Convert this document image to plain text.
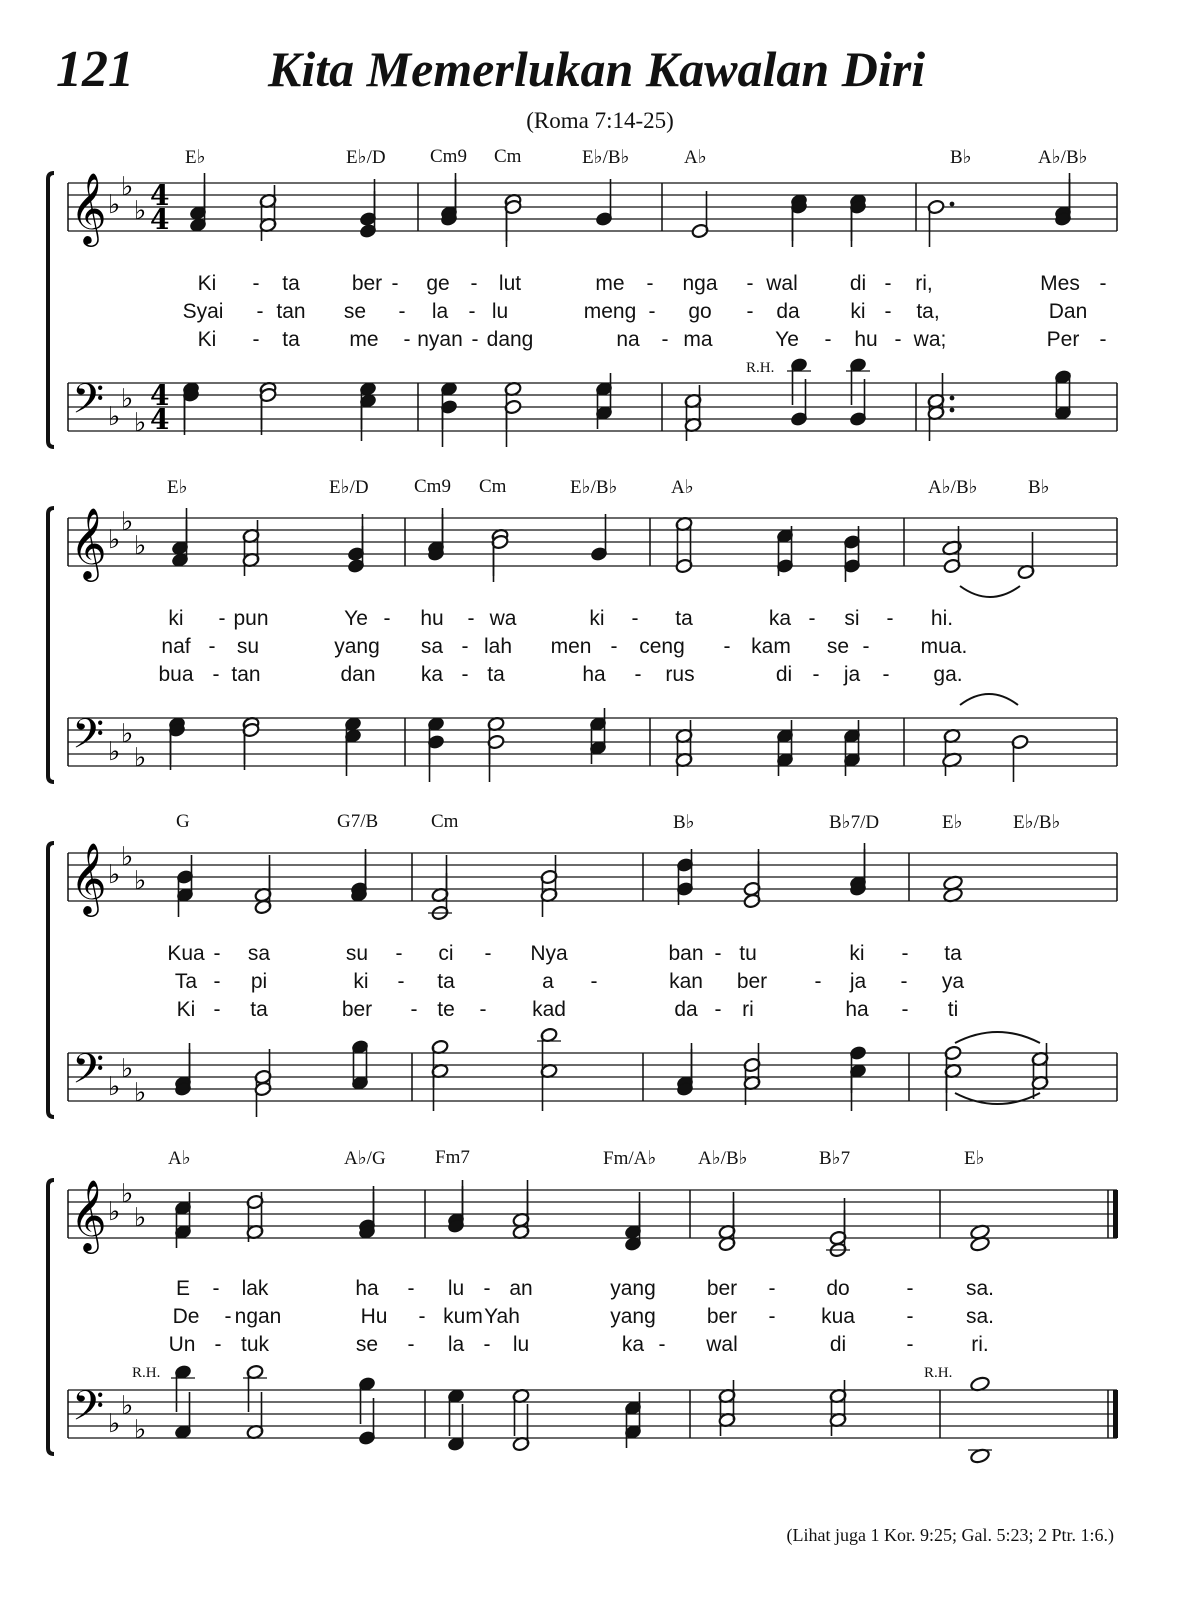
121	Kita Memerlukan Kawalan Diri
(Roma 7:14-25)
𝄞
𝄢
♭
♭
♭
♭
♭
♭
4
4
4
4
𝄞
𝄢
♭
♭
♭
♭
♭
♭
𝄞
𝄢
♭
♭
♭
♭
♭
♭
𝄞
𝄢
♭
♭
♭
♭
♭
♭
E♭	E♭/D Cm9 Cm	E♭/B♭	A♭	B♭	A♭/B♭
Ki - ta ber - ge - lut	me - nga - wal di - ri,	Mes -
Syai - tan se - la - lu	meng - go - da ki - ta,	Dan
Ki - ta me - nyan - dang	na - ma	Ye - hu - wa;	Per -
E♭	E♭/D Cm9 Cm	E♭/B♭	A♭	A♭/B♭	B♭
ki - pun	Ye - hu - wa	ki - ta	ka - si - hi.
naf - su	yang sa - lah men - ceng - kam se - mua.
bua - tan	dan ka - ta	ha - rus	di - ja - ga.
G	G7/B	Cm	B♭	B♭7/D	E♭	E♭/B♭
Kua - sa	su - ci - Nya	ban - tu	ki - ta
Ta - pi	ki - ta	a -	kan ber - ja - ya
Ki - ta	ber - te - kad	da - ri	ha - ti
A♭	A♭/G	Fm7	Fm/A♭ A♭/B♭	B♭7	E♭
E - lak	ha - lu - an	yang ber - do	- sa.
De - ngan	Hu - kum Yah	yang ber - kua - sa.
Un - tuk	se - la - lu	ka - wal	di	-	ri.
R.H.
R.H.	R.H.
(Lihat juga 1 Kor. 9:25; Gal. 5:23; 2 Ptr. 1:6.)
